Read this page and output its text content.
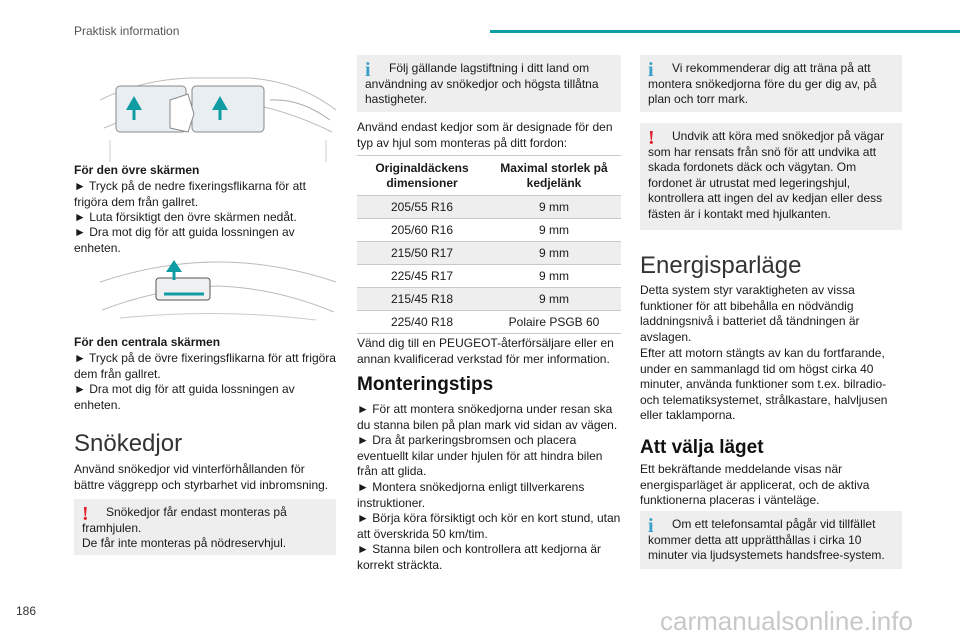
Praktisk information
För den övre skärmen
► Tryck på de nedre fixeringsflikarna för att frigöra dem från gallret.
► Luta försiktigt den övre skärmen nedåt.
► Dra mot dig för att guida lossningen av enheten.
För den centrala skärmen
► Tryck på de övre fixeringsflikarna för att frigöra dem från gallret.
► Dra mot dig för att guida lossningen av enheten.
Snökedjor
Använd snökedjor vid vinterförhållanden för bättre väggrepp och styrbarhet vid inbromsning.
!	Snökedjor får endast monteras på framhjulen.
De får inte monteras på nödreservhjul.
i	Följ gällande lagstiftning i ditt land om användning av snökedjor och högsta tillåtna hastigheter.
Använd endast kedjor som är designade för den typ av hjul som monteras på ditt fordon:
Originaldäckens dimensioner	Maximal storlek på kedjelänk
205/55 R16	9 mm
205/60 R16	9 mm
215/50 R17	9 mm
225/45 R17	9 mm
215/45 R18	9 mm
225/40 R18	Polaire PSGB 60
Vänd dig till en PEUGEOT-återförsäljare eller en annan kvalificerad verkstad för mer information.
Monteringstips
► För att montera snökedjorna under resan ska du stanna bilen på plan mark vid sidan av vägen.
► Dra åt parkeringsbromsen och placera eventuellt kilar under hjulen för att hindra bilen från att glida.
► Montera snökedjorna enligt tillverkarens instruktioner.
► Börja köra försiktigt och kör en kort stund, utan att överskrida 50 km/tim.
► Stanna bilen och kontrollera att kedjorna är korrekt sträckta.
i	Vi rekommenderar dig att träna på att montera snökedjorna före du ger dig av, på plan och torr mark.
!	Undvik att köra med snökedjor på vägar som har rensats från snö för att undvika att skada fordonets däck och vägytan. Om fordonet är utrustat med legeringshjul, kontrollera att ingen del av kedjan eller dess fästen är i kontakt med hjulkanten.
Energisparläge
Detta system styr varaktigheten av vissa funktioner för att bibehålla en nödvändig laddningsnivå i batteriet då tändningen är avslagen.
Efter att motorn stängts av kan du fortfarande, under en sammanlagd tid om högst cirka 40 minuter, använda funktioner som t.ex. bilradio- och telematiksystemet, strålkastare, halvljusen eller taklamporna.
Att välja läget
Ett bekräftande meddelande visas när energisparläget är applicerat, och de aktiva funktionerna placeras i vänteläge.
i	Om ett telefonsamtal pågår vid tillfället kommer detta att upprätthållas i cirka 10 minuter via ljudsystemets handsfree-system.
186	carmanualsonline.info
